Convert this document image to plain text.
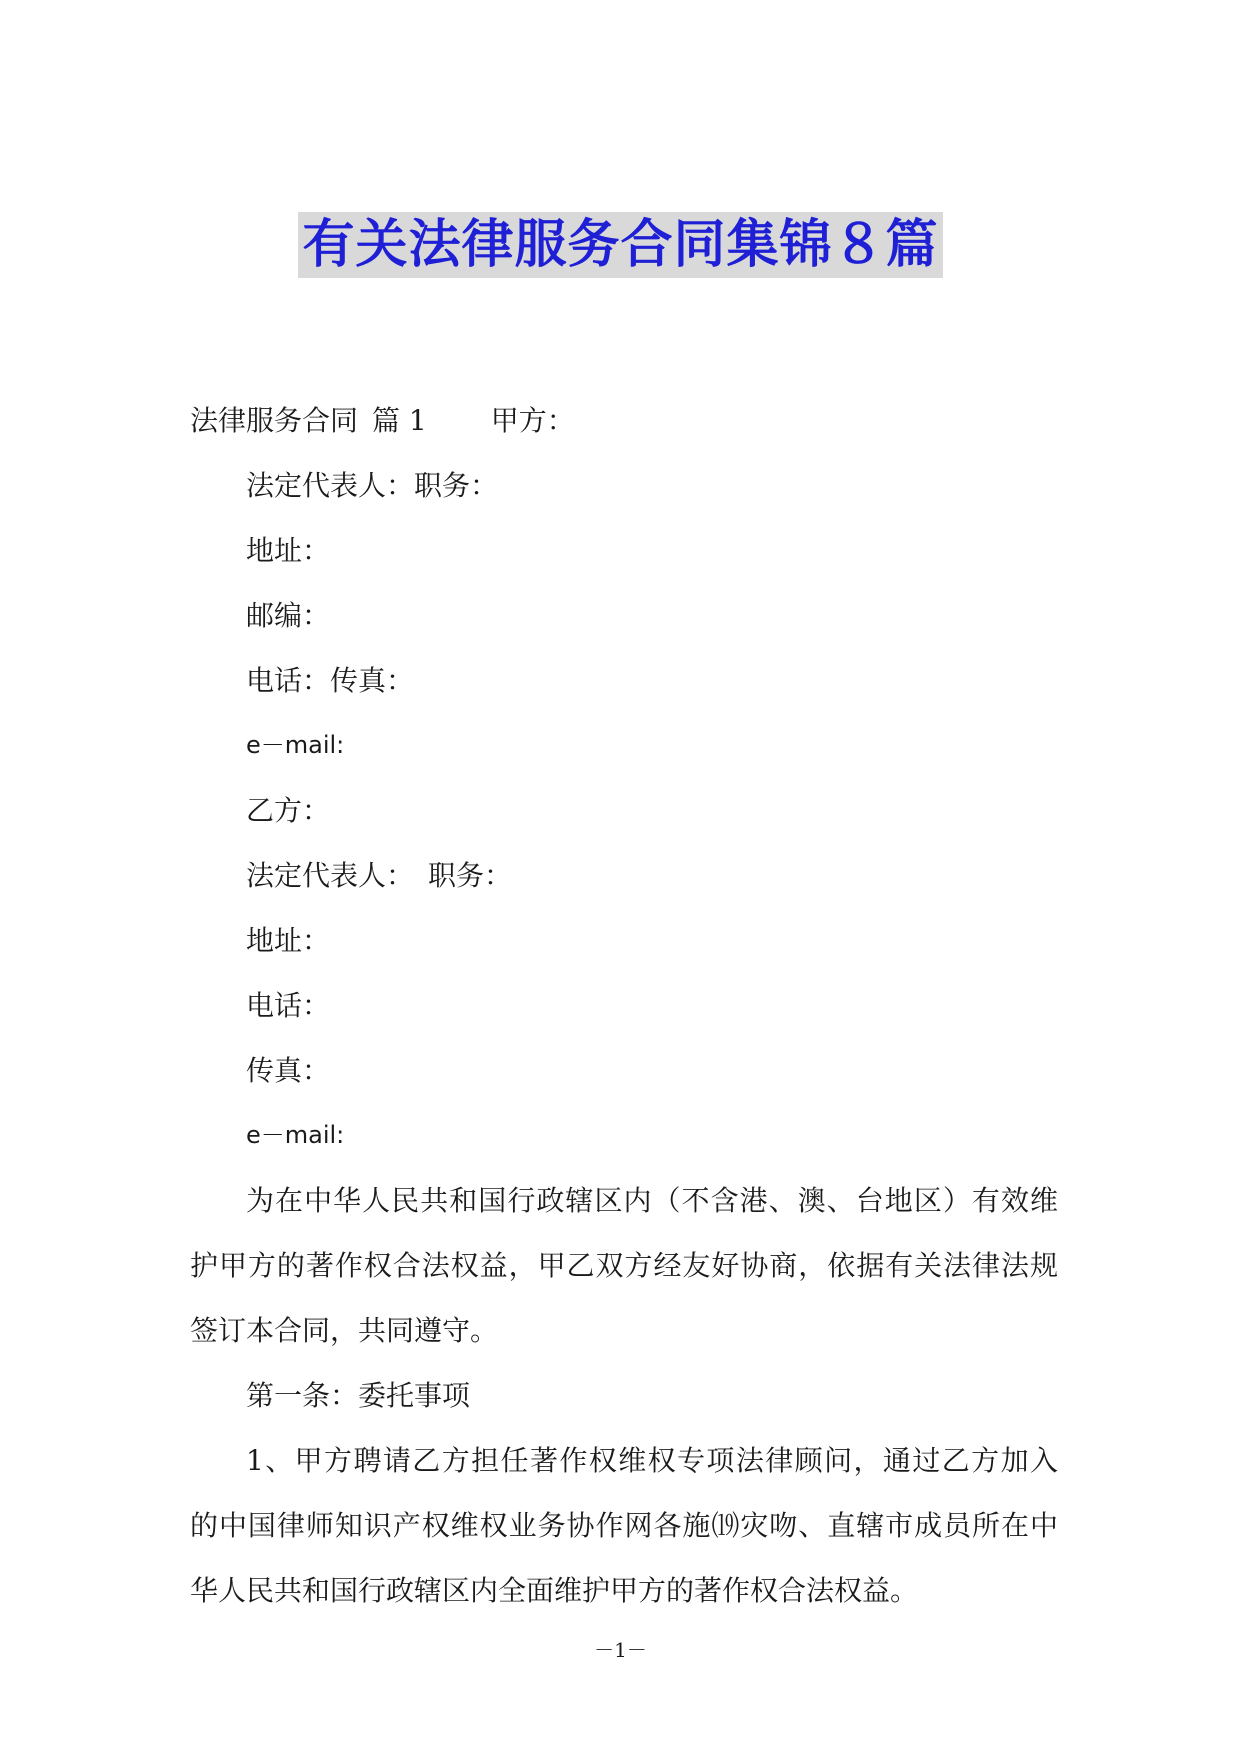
有关法律服务合同集锦８篇
法律服务合同 篇 1 甲方：
法定代表人：职务：
地址：
邮编：
电话：传真：
e－mail:
乙方：
法定代表人： 职务：
地址：
电话：
传真：
e－mail:
为在中华人民共和国行政辖区内（不含港、澳、台地区）有效维
护甲方的著作权合法权益，甲乙双方经友好协商，依据有关法律法规
签订本合同，共同遵守。
第一条：委托事项
1、甲方聘请乙方担任著作权维权专项法律顾问，通过乙方加入
的中国律师知识产权维权业务协作网各施⒆灾吻、直辖市成员所在中
华人民共和国行政辖区内全面维护甲方的著作权合法权益。
－1－
